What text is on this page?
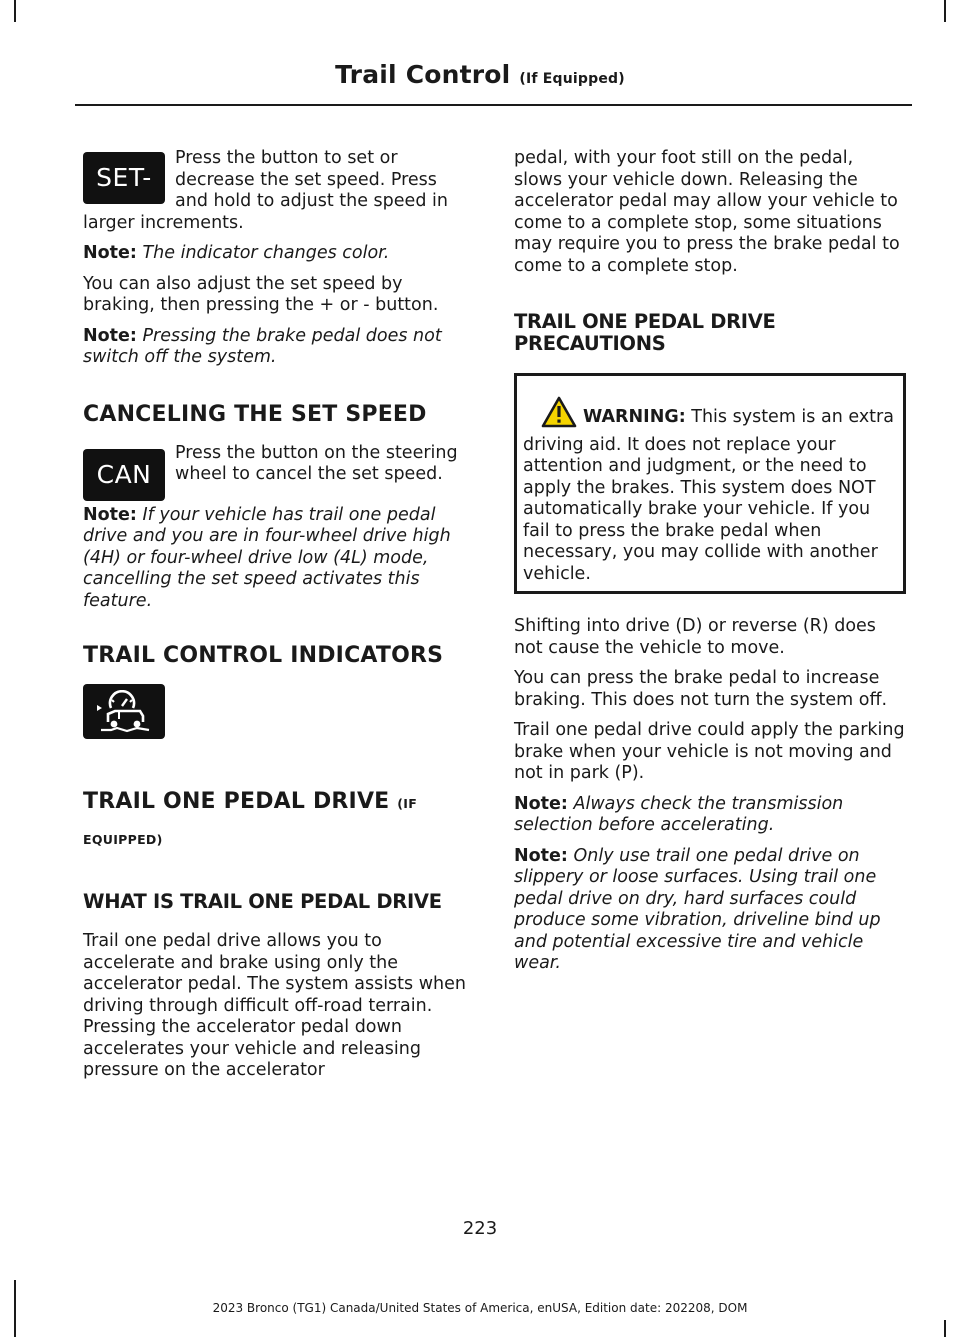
Trail Control (If Equipped)
SET-

Press the button to set or decrease the set speed. Press and hold to adjust the speed in larger increments.

Note: The indicator changes color.

You can also adjust the set speed by braking, then pressing the + or - button.

Note: Pressing the brake pedal does not switch off the system.

CANCELING THE SET SPEED
CAN

Press the button on the steering wheel to cancel the set speed.

Note: If your vehicle has trail one pedal drive and you are in four-wheel drive high (4H) or four-wheel drive low (4L) mode, cancelling the set speed activates this feature.

TRAIL CONTROL INDICATORS
TRAIL ONE PEDAL DRIVE (IF EQUIPPED)
WHAT IS TRAIL ONE PEDAL DRIVE

Trail one pedal drive allows you to accelerate and brake using only the accelerator pedal. The system assists when driving through difficult off-road terrain. Pressing the accelerator pedal down accelerates your vehicle and releasing pressure on the accelerator

pedal, with your foot still on the pedal, slows your vehicle down. Releasing the accelerator pedal may allow your vehicle to come to a complete stop, some situations may require you to press the brake pedal to come to a complete stop.

TRAIL ONE PEDAL DRIVE PRECAUTIONS
WARNING: This system is an extra driving aid. It does not replace your attention and judgment, or the need to apply the brakes. This system does NOT automatically brake your vehicle. If you fail to press the brake pedal when necessary, you may collide with another vehicle.

Shifting into drive (D) or reverse (R) does not cause the vehicle to move.

You can press the brake pedal to increase braking. This does not turn the system off.

Trail one pedal drive could apply the parking brake when your vehicle is not moving and not in park (P).

Note: Always check the transmission selection before accelerating.

Note: Only use trail one pedal drive on slippery or loose surfaces. Using trail one pedal drive on dry, hard surfaces could produce some vibration, driveline bind up and potential excessive tire and vehicle wear.

223
2023 Bronco (TG1) Canada/United States of America, enUSA, Edition date: 202208, DOM
